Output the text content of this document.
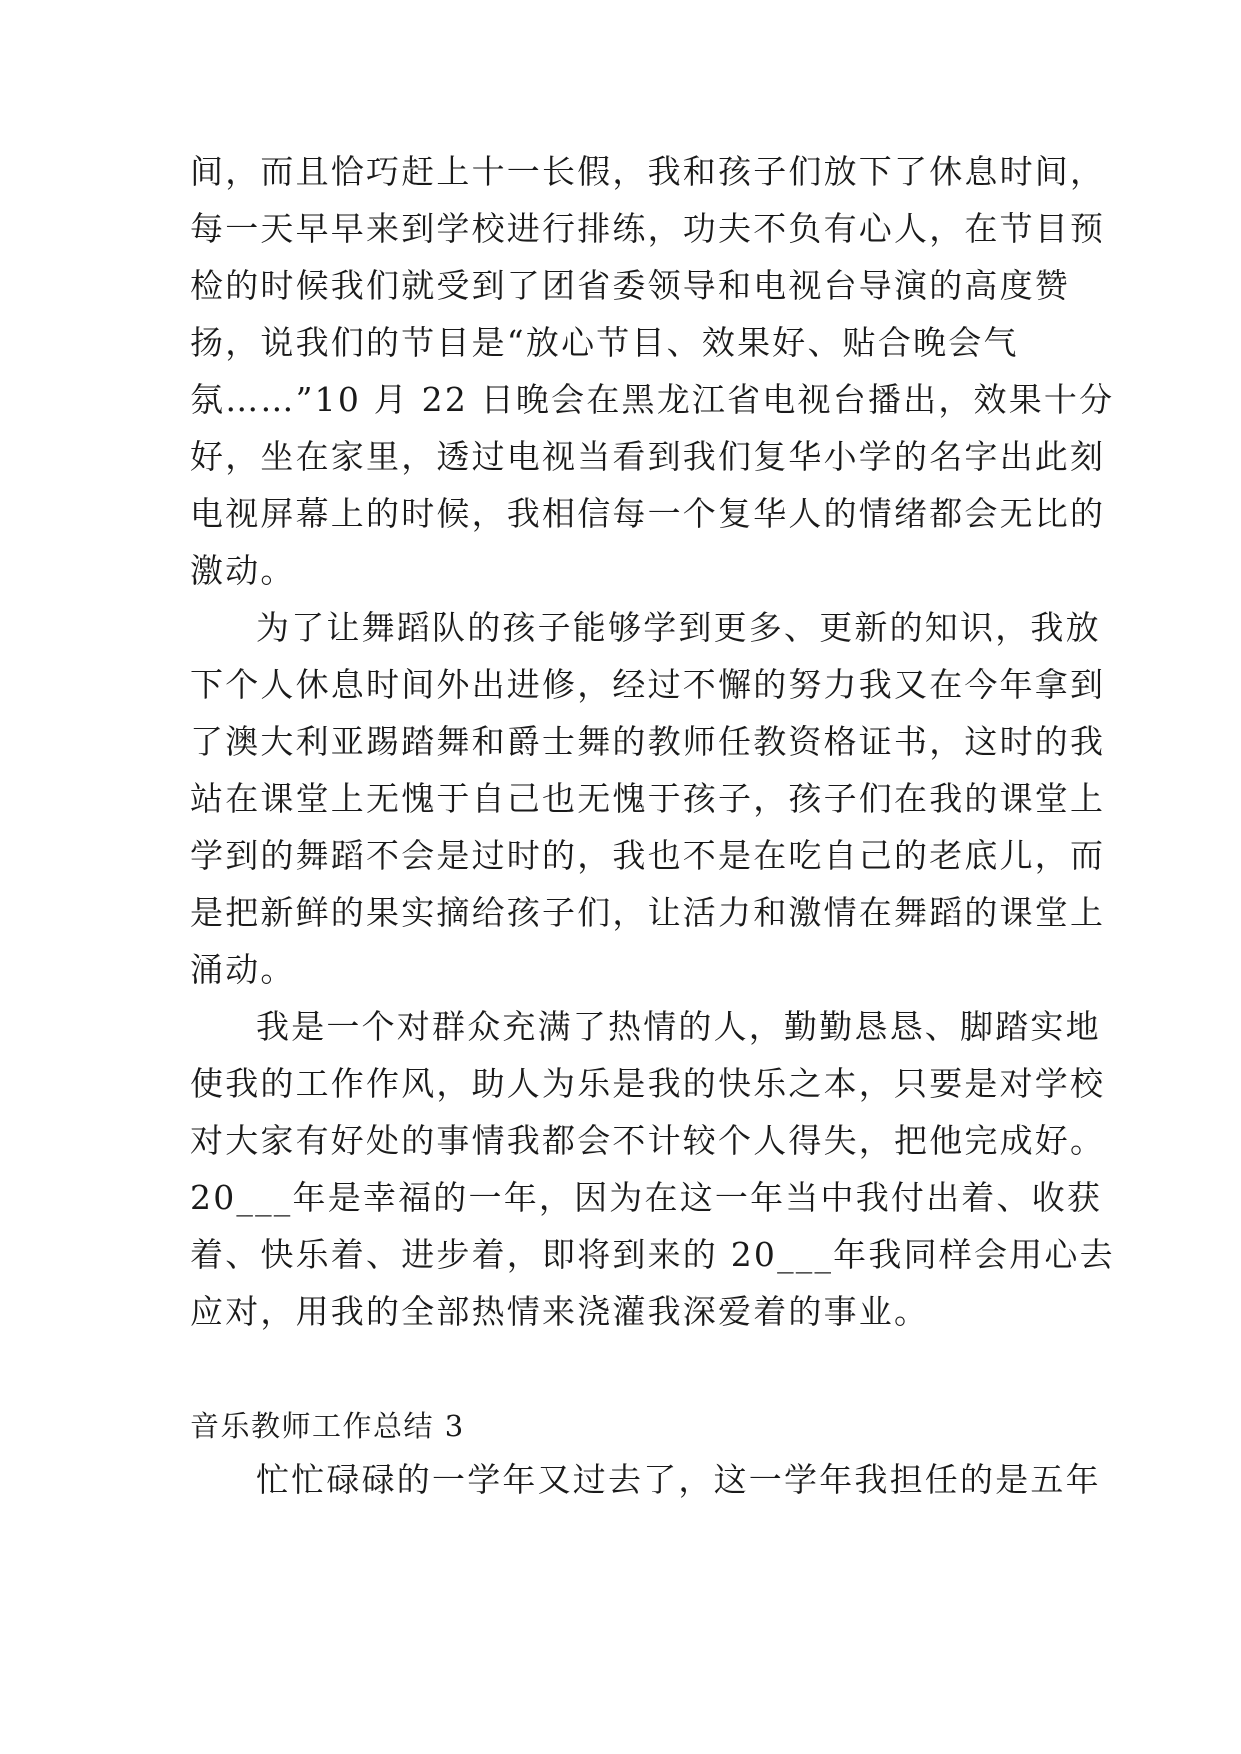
间，而且恰巧赶上十一长假，我和孩子们放下了休息时间，
每一天早早来到学校进行排练，功夫不负有心人，在节目预
检的时候我们就受到了团省委领导和电视台导演的高度赞
扬，说我们的节目是“放心节目、效果好、贴合晚会气
氛……”10 月 22 日晚会在黑龙江省电视台播出，效果十分
好，坐在家里，透过电视当看到我们复华小学的名字出此刻
电视屏幕上的时候，我相信每一个复华人的情绪都会无比的
激动。
为了让舞蹈队的孩子能够学到更多、更新的知识，我放
下个人休息时间外出进修，经过不懈的努力我又在今年拿到
了澳大利亚踢踏舞和爵士舞的教师任教资格证书，这时的我
站在课堂上无愧于自己也无愧于孩子，孩子们在我的课堂上
学到的舞蹈不会是过时的，我也不是在吃自己的老底儿，而
是把新鲜的果实摘给孩子们，让活力和激情在舞蹈的课堂上
涌动。
我是一个对群众充满了热情的人，勤勤恳恳、脚踏实地
使我的工作作风，助人为乐是我的快乐之本，只要是对学校
对大家有好处的事情我都会不计较个人得失，把他完成好。
20___年是幸福的一年，因为在这一年当中我付出着、收获
着、快乐着、进步着，即将到来的 20___年我同样会用心去
应对，用我的全部热情来浇灌我深爱着的事业。
音乐教师工作总结 3
忙忙碌碌的一学年又过去了，这一学年我担任的是五年
